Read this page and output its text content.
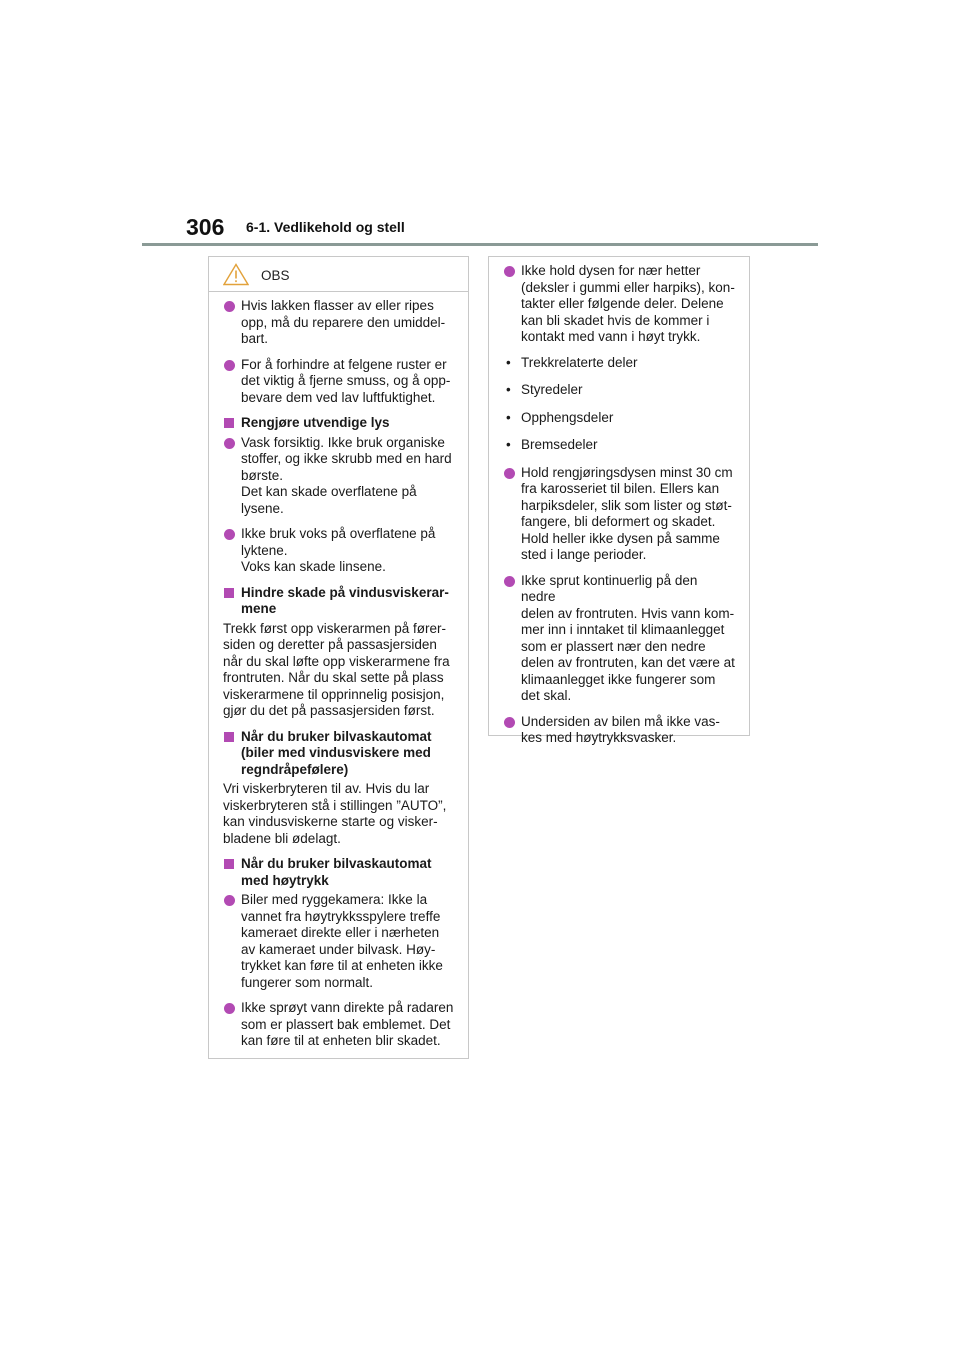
306 6-1. Vedlikehold og stell
OBS
Hvis lakken flasser av eller ripes
opp, må du reparere den umiddel-
bart.
For å forhindre at felgene ruster er
det viktig å fjerne smuss, og å opp-
bevare dem ved lav luftfuktighet.
Rengjøre utvendige lys
Vask forsiktig. Ikke bruk organiske
stoffer, og ikke skrubb med en hard
børste.
Det kan skade overflatene på
lysene.
Ikke bruk voks på overflatene på
lyktene.
Voks kan skade linsene.
Hindre skade på vindusviskerar-
mene
Trekk først opp viskerarmen på fører-
siden og deretter på passasjersiden
når du skal løfte opp viskerarmene fra
frontruten. Når du skal sette på plass
viskerarmene til opprinnelig posisjon,
gjør du det på passasjersiden først.
Når du bruker bilvaskautomat
(biler med vindusviskere med
regndråpefølere)
Vri viskerbryteren til av. Hvis du lar
viskerbryteren stå i stillingen ”AUTO”,
kan vindusviskerne starte og visker-
bladene bli ødelagt.
Når du bruker bilvaskautomat
med høytrykk
Biler med ryggekamera: Ikke la
vannet fra høytrykksspylere treffe
kameraet direkte eller i nærheten
av kameraet under bilvask. Høy-
trykket kan føre til at enheten ikke
fungerer som normalt.
Ikke sprøyt vann direkte på radaren
som er plassert bak emblemet. Det
kan føre til at enheten blir skadet.
Ikke hold dysen for nær hetter
(deksler i gummi eller harpiks), kon-
takter eller følgende deler. Delene
kan bli skadet hvis de kommer i
kontakt med vann i høyt trykk.
• Trekkrelaterte deler
• Styredeler
• Opphengsdeler
• Bremsedeler
Hold rengjøringsdysen minst 30 cm
fra karosseriet til bilen. Ellers kan
harpiksdeler, slik som lister og støt-
fangere, bli deformert og skadet.
Hold heller ikke dysen på samme
sted i lange perioder.
Ikke sprut kontinuerlig på den nedre
delen av frontruten. Hvis vann kom-
mer inn i inntaket til klimaanlegget
som er plassert nær den nedre
delen av frontruten, kan det være at
klimaanlegget ikke fungerer som
det skal.
Undersiden av bilen må ikke vas-
kes med høytrykksvasker.
